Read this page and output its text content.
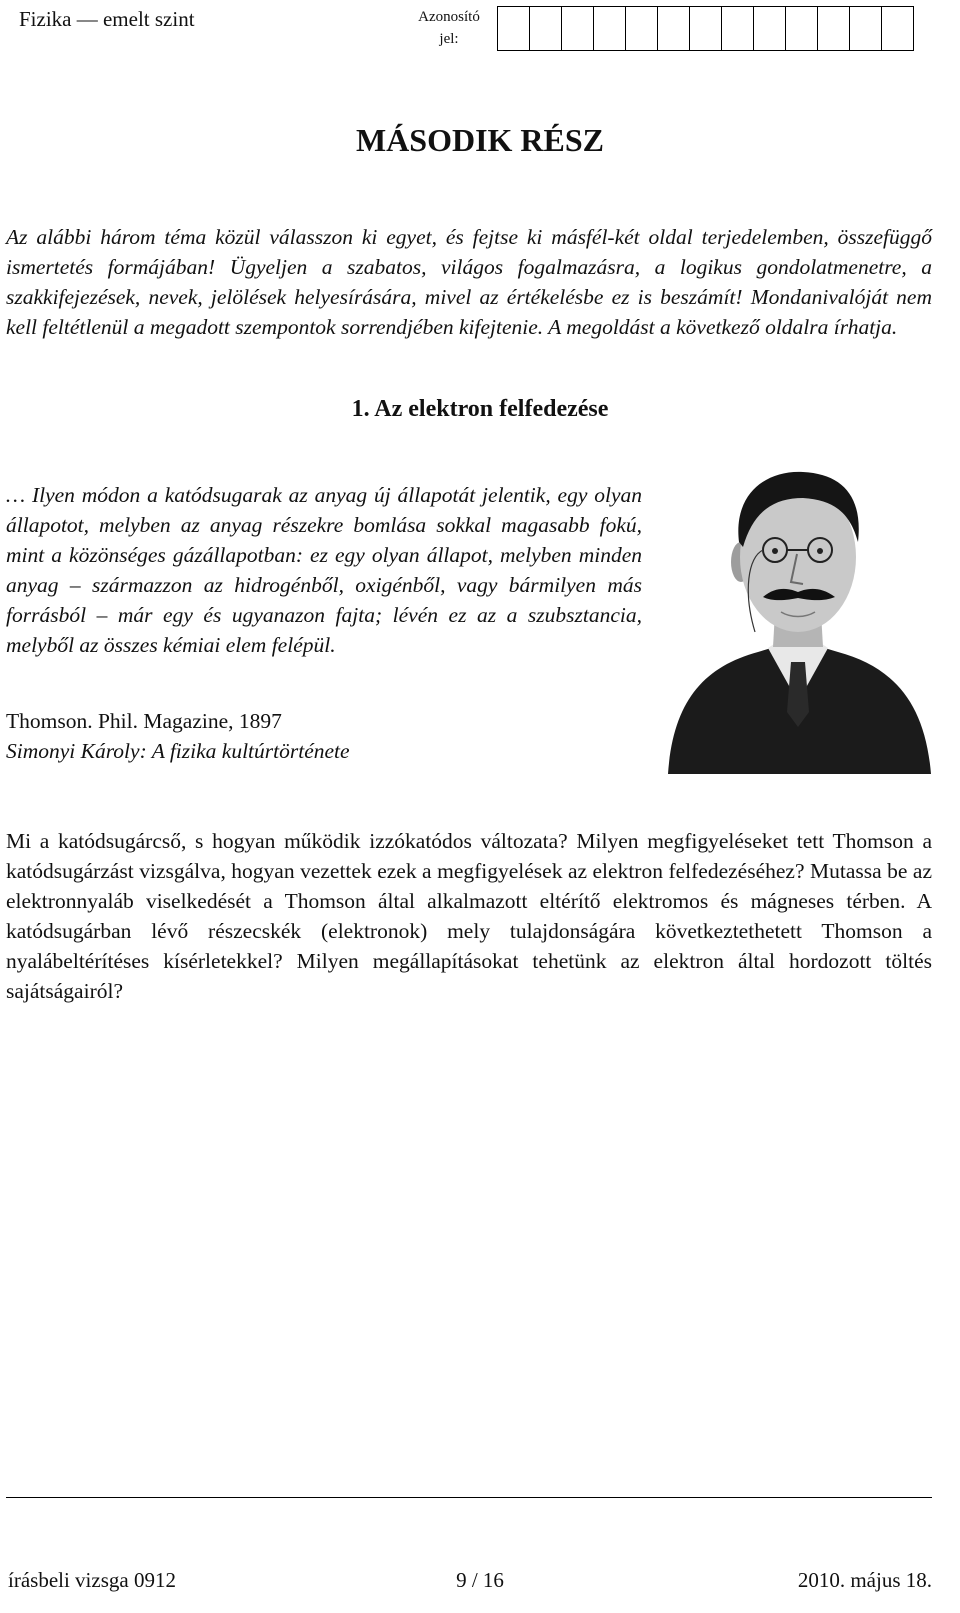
Fizika — emelt szint	Azonosító jel:
MÁSODIK RÉSZ
Az alábbi három téma közül válasszon ki egyet, és fejtse ki másfél-két oldal terjedelemben, összefüggő ismertetés formájában! Ügyeljen a szabatos, világos fogalmazásra, a logikus gondolatmenetre, a szakkifejezések, nevek, jelölések helyesírására, mivel az értékelésbe ez is beszámít! Mondanivalóját nem kell feltétlenül a megadott szempontok sorrendjében kifejtenie. A megoldást a következő oldalra írhatja.
1. Az elektron felfedezése
… Ilyen módon a katódsugarak az anyag új állapotát jelentik, egy olyan állapotot, melyben az anyag részekre bomlása sokkal magasabb fokú, mint a közönséges gázállapotban: ez egy olyan állapot, melyben minden anyag – származzon az hidrogénből, oxigénből, vagy bármilyen más forrásból – már egy és ugyanazon fajta; lévén ez az a szubsztancia, melyből az összes kémiai elem felépül.
Thomson. Phil. Magazine, 1897
Simonyi Károly: A fizika kultúrtörténete
Mi a katódsugárcső, s hogyan működik izzókatódos változata? Milyen megfigyeléseket tett Thomson a katódsugárzást vizsgálva, hogyan vezettek ezek a megfigyelések az elektron felfedezéséhez? Mutassa be az elektronnyaláb viselkedését a Thomson által alkalmazott eltérítő elektromos és mágneses térben. A katódsugárban lévő részecskék (elektronok) mely tulajdonságára következtethetett Thomson a nyalábeltérítéses kísérletekkel? Milyen megállapításokat tehetünk az elektron által hordozott töltés sajátságairól?
írásbeli vizsga 0912	9 / 16	2010. május 18.
